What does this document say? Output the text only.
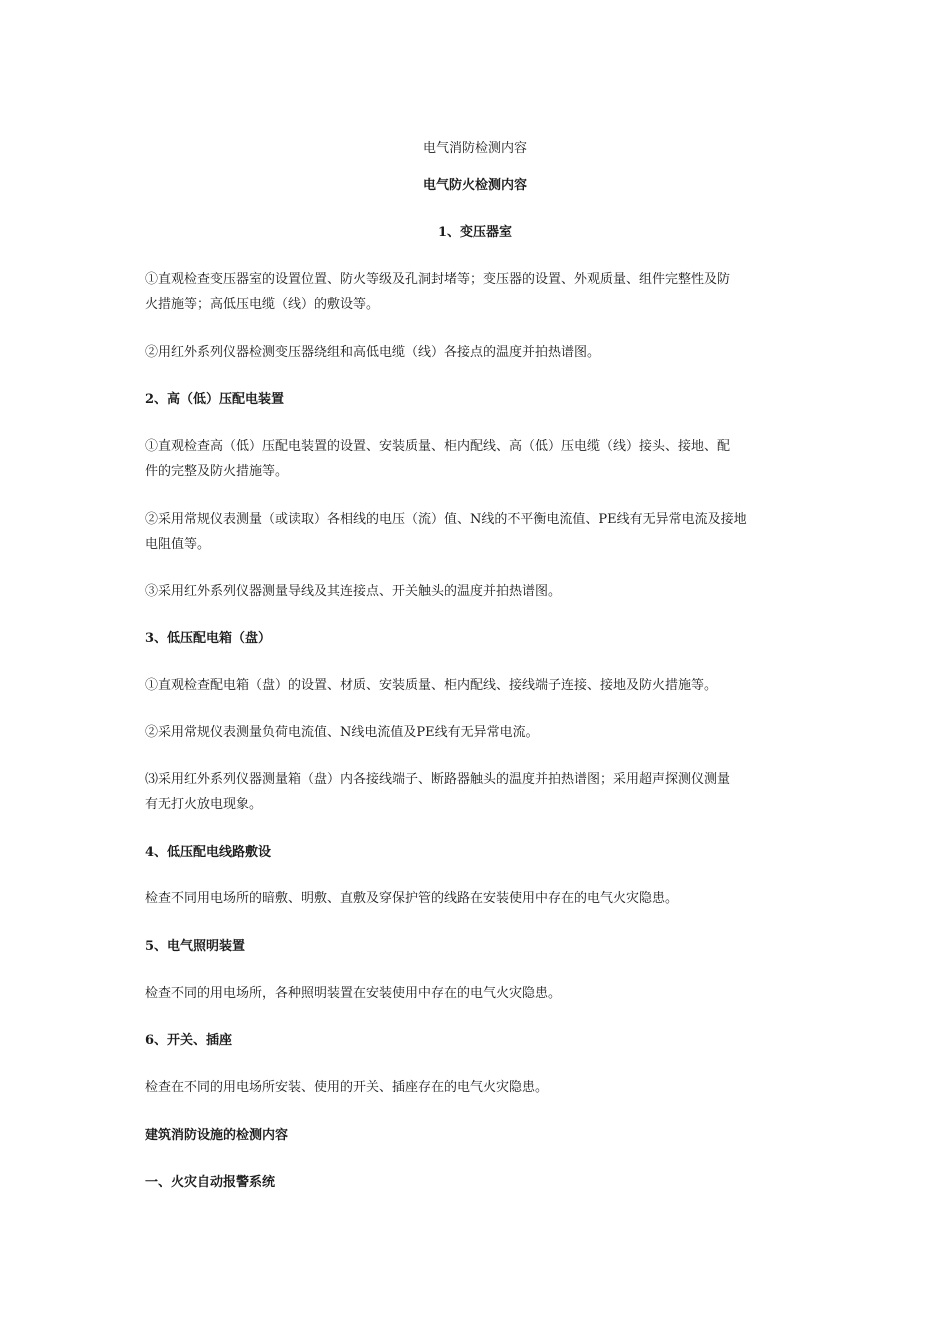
电气消防检测内容
电气防火检测内容
1、变压器室
①直观检查变压器室的设置位置、防火等级及孔洞封堵等；变压器的设置、外观质量、组件完整性及防
火措施等；高低压电缆（线）的敷设等。
②用红外系列仪器检测变压器绕组和高低电缆（线）各接点的温度并拍热谱图。
2、高（低）压配电装置
①直观检查高（低）压配电装置的设置、安装质量、柜内配线、高（低）压电缆（线）接头、接地、配
件的完整及防火措施等。
②采用常规仪表测量（或读取）各相线的电压（流）值、N线的不平衡电流值、PE线有无异常电流及接地
电阻值等。
③采用红外系列仪器测量导线及其连接点、开关触头的温度并拍热谱图。
3、低压配电箱（盘）
①直观检查配电箱（盘）的设置、材质、安装质量、柜内配线、接线端子连接、接地及防火措施等。
②采用常规仪表测量负荷电流值、N线电流值及PE线有无异常电流。
⑶采用红外系列仪器测量箱（盘）内各接线端子、断路器触头的温度并拍热谱图；采用超声探测仪测量
有无打火放电现象。
4、低压配电线路敷设
检查不同用电场所的暗敷、明敷、直敷及穿保护管的线路在安装使用中存在的电气火灾隐患。
5、电气照明装置
检查不同的用电场所，各种照明装置在安装使用中存在的电气火灾隐患。
6、开关、插座
检查在不同的用电场所安装、使用的开关、插座存在的电气火灾隐患。
建筑消防设施的检测内容
一、火灾自动报警系统
